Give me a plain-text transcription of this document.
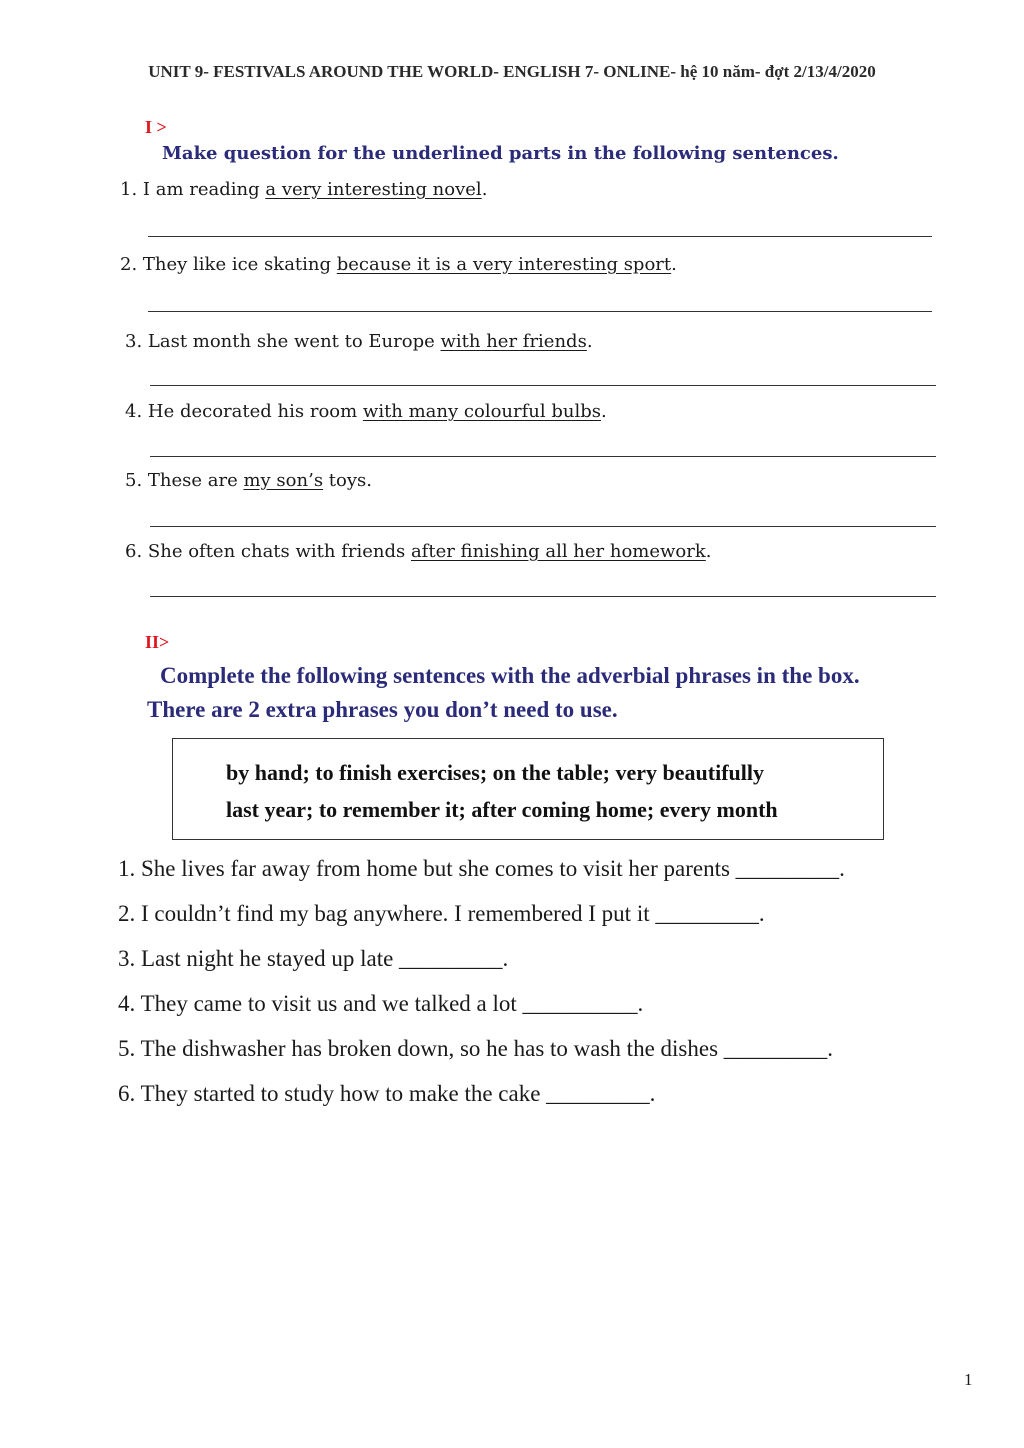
UNIT 9- FESTIVALS AROUND THE WORLD- ENGLISH 7- ONLINE- hệ 10 năm- đợt 2/13/4/2020
I >
Make question for the underlined parts in the following sentences.
1. I am reading a very interesting novel.
2. They like ice skating because it is a very interesting sport.
3. Last month she went to Europe with her friends.
4. He decorated his room with many colourful bulbs.
5. These are my son’s toys.
6. She often chats with friends after finishing all her homework.
II>
Complete the following sentences with the adverbial phrases in the box.
There are 2 extra phrases you don’t need to use.
by hand; to finish exercises; on the table; very beautifully
last year; to remember it; after coming home; every month
1. She lives far away from home but she comes to visit her parents _________.
2. I couldn’t find my bag anywhere. I remembered I put it _________.
3. Last night he stayed up late _________.
4. They came to visit us and we talked a lot __________.
5. The dishwasher has broken down, so he has to wash the dishes _________.
6. They started to study how to make the cake _________.
1
